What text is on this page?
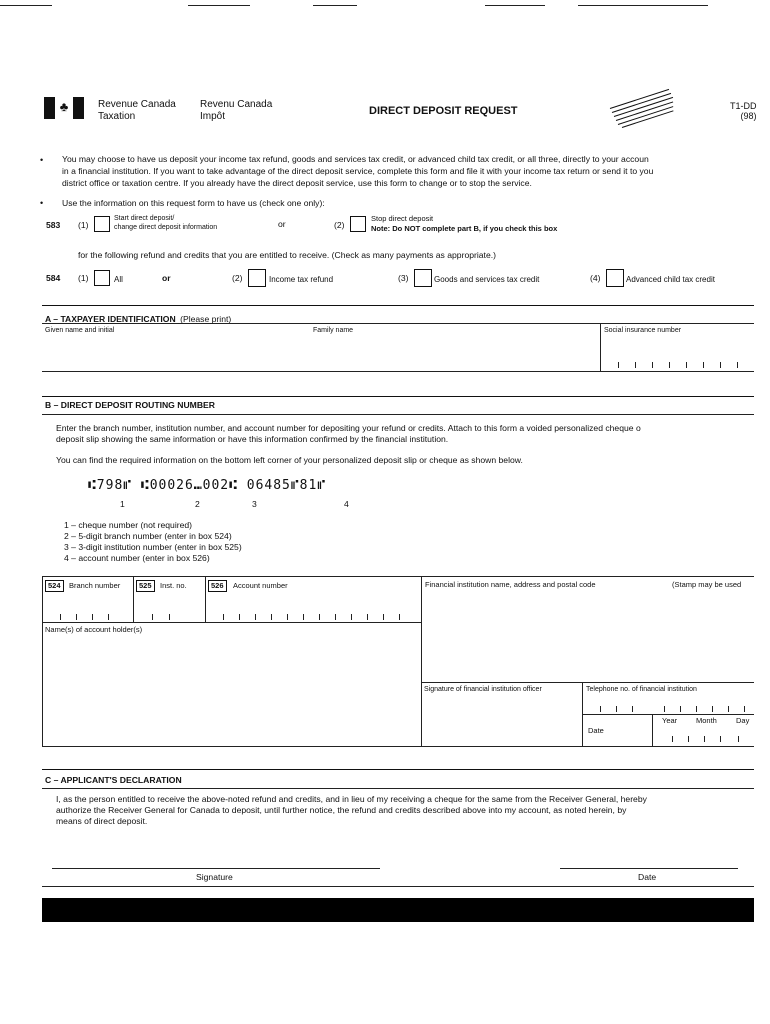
♣	Revenue Canada
Taxation
Revenu Canada
Impôt	DIRECT DEPOSIT REQUEST	T1-DD
(98)
• You may choose to have us deposit your income tax refund, goods and services tax credit, or advanced child tax credit, or all three, directly to your accoun
in a financial institution. If you want to take advantage of the direct deposit service, complete this form and file it with your income tax return or send it to you
district office or taxation centre. If you already have the direct deposit service, use this form to change or to stop the service.
• Use the information on this request form to have us (check one only):
583 (1)
Start direct deposit/
change direct deposit information	or	(2)
Stop direct deposit
Note: Do NOT complete part B, if you check this box
for the following refund and credits that you are entitled to receive. (Check as many payments as appropriate.)
584 (1)	All	or	(2)	Income tax refund	(3)	Goods and services tax credit	(4)	Advanced child tax credit
A – TAXPAYER IDENTIFICATION (Please print)
Given name and initial	Family name	Social insurance number
B – DIRECT DEPOSIT ROUTING NUMBER
Enter the branch number, institution number, and account number for depositing your refund or credits. Attach to this form a voided personalized cheque o
deposit slip showing the same information or have this information confirmed by the financial institution.
You can find the required information on the bottom left corner of your personalized deposit slip or cheque as shown below.
⑆798⑈ ⑆00026⑉002⑆ 06485⑈81⑈
1	2	3	4
1 – cheque number (not required)
2 – 5-digit branch number (enter in box 524)
3 – 3-digit institution number (enter in box 525)
4 – account number (enter in box 526)
524	Branch number	525	Inst. no.	526	Account number	Financial institution name, address and postal code	(Stamp may be used
Name(s) of account holder(s)
Signature of financial institution officer	Telephone no. of financial institution
Date
Year	Month	Day
C – APPLICANT'S DECLARATION
I, as the person entitled to receive the above-noted refund and credits, and in lieu of my receiving a cheque for the same from the Receiver General, hereby
authorize the Receiver General for Canada to deposit, until further notice, the refund and credits described above into my account, as noted herein, by
means of direct deposit.
Signature	Date
